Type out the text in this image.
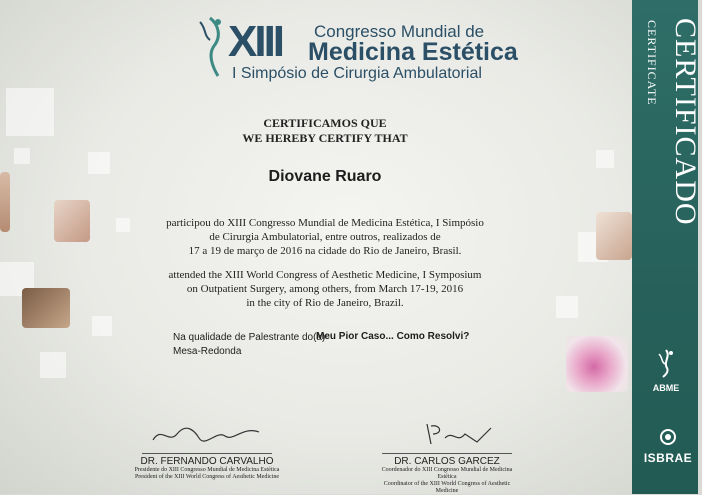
XIII Congresso Mundial de
Medicina Estética
I Simpósio de Cirurgia Ambulatorial
CERTIFICAMOS QUE
WE HEREBY CERTIFY THAT
Diovane Ruaro
participou do XIII Congresso Mundial de Medicina Estética, I Simpósio
de Cirurgia Ambulatorial, entre outros, realizados de
17 a 19 de março de 2016 na cidade do Rio de Janeiro, Brasil.
attended the XIII World Congress of Aesthetic Medicine, I Symposium
on Outpatient Surgery, among others, from March 17-19, 2016
in the city of Rio de Janeiro, Brazil.
Na qualidade de Palestrante do(a)
Mesa-Redonda
Meu Pior Caso... Como Resolvi?
DR. FERNANDO CARVALHO
Presidente do XIII Congresso Mundial de Medicina Estética
President of the XIII World Congress of Aesthetic Medicine
DR. CARLOS GARCEZ
Coordenador do XIII Congresso Mundial de Medicina Estética
Coordinator of the XIII World Congress of Aesthetic Medicine
CERTIFICADO
CERTIFICATE
ABME
ISBRAE
